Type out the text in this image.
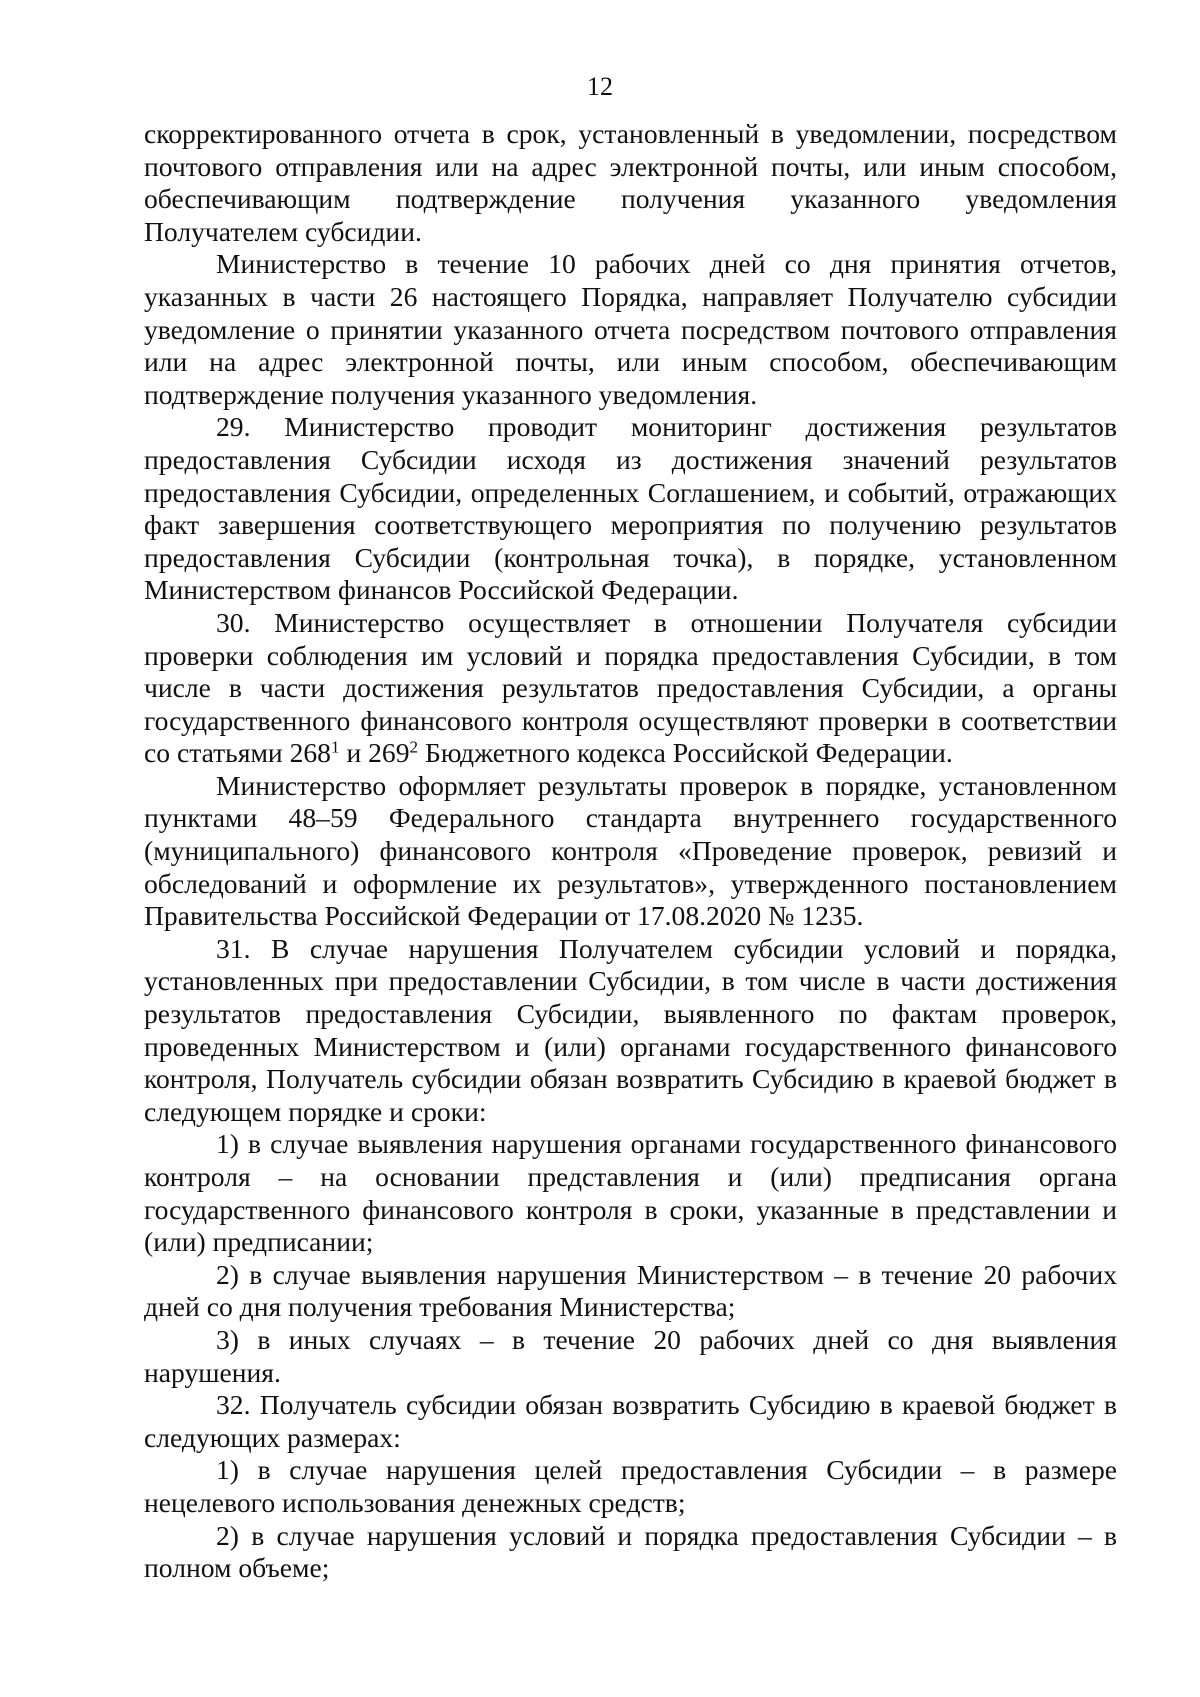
12

скорректированного отчета в срок, установленный в уведомлении, посредством почтового отправления или на адрес электронной почты, или иным способом, обеспечивающим подтверждение получения указанного уведомления Получателем субсидии.

Министерство в течение 10 рабочих дней со дня принятия отчетов, указанных в части 26 настоящего Порядка, направляет Получателю субсидии уведомление о принятии указанного отчета посредством почтового отправления или на адрес электронной почты, или иным способом, обеспечивающим подтверждение получения указанного уведомления.

29. Министерство проводит мониторинг достижения результатов предоставления Субсидии исходя из достижения значений результатов предоставления Субсидии, определенных Соглашением, и событий, отражающих факт завершения соответствующего мероприятия по получению результатов предоставления Субсидии (контрольная точка), в порядке, установленном Министерством финансов Российской Федерации.

30. Министерство осуществляет в отношении Получателя субсидии проверки соблюдения им условий и порядка предоставления Субсидии, в том числе в части достижения результатов предоставления Субсидии, а органы государственного финансового контроля осуществляют проверки в соответствии со статьями $268^1$ и $269^2$ Бюджетного кодекса Российской Федерации.

Министерство оформляет результаты проверок в порядке, установленном пунктами 48–59 Федерального стандарта внутреннего государственного (муниципального) финансового контроля «Проведение проверок, ревизий и обследований и оформление их результатов», утвержденного постановлением Правительства Российской Федерации от 17.08.2020 № 1235.

31. В случае нарушения Получателем субсидии условий и порядка, установленных при предоставлении Субсидии, в том числе в части достижения результатов предоставления Субсидии, выявленного по фактам проверок, проведенных Министерством и (или) органами государственного финансового контроля, Получатель субсидии обязан возвратить Субсидию в краевой бюджет в следующем порядке и сроки:

1) в случае выявления нарушения органами государственного финансового контроля – на основании представления и (или) предписания органа государственного финансового контроля в сроки, указанные в представлении и (или) предписании;

2) в случае выявления нарушения Министерством – в течение 20 рабочих дней со дня получения требования Министерства;

3) в иных случаях – в течение 20 рабочих дней со дня выявления нарушения.

32. Получатель субсидии обязан возвратить Субсидию в краевой бюджет в следующих размерах:

1) в случае нарушения целей предоставления Субсидии – в размере нецелевого использования денежных средств;

2) в случае нарушения условий и порядка предоставления Субсидии – в полном объеме;
